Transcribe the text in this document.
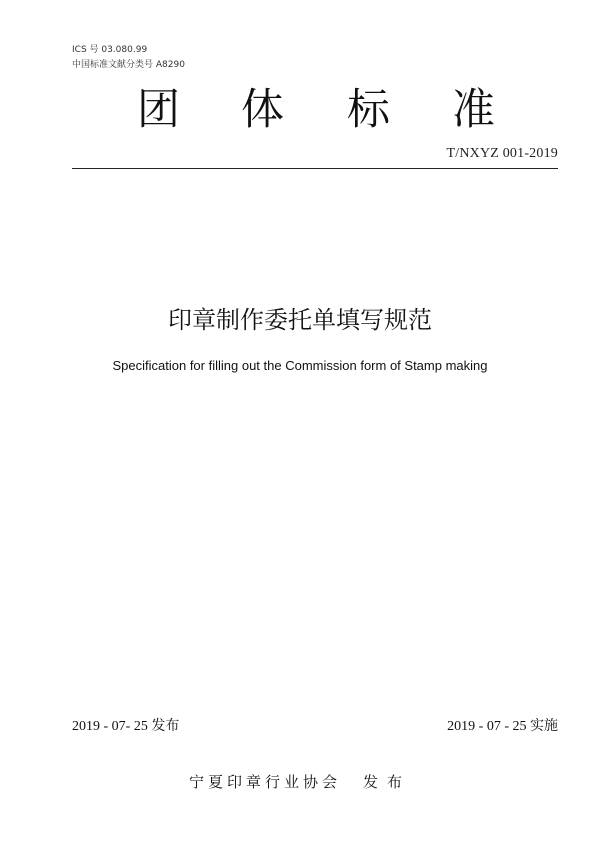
ICS 号 03.080.99
中国标准文献分类号 A8290
团 体 标 准
T/NXYZ 001-2019
印章制作委托单填写规范
Specification for filling out the Commission form of Stamp making
2019 - 07- 25 发布	2019 - 07 - 25 实施
宁夏印章行业协会 发布
